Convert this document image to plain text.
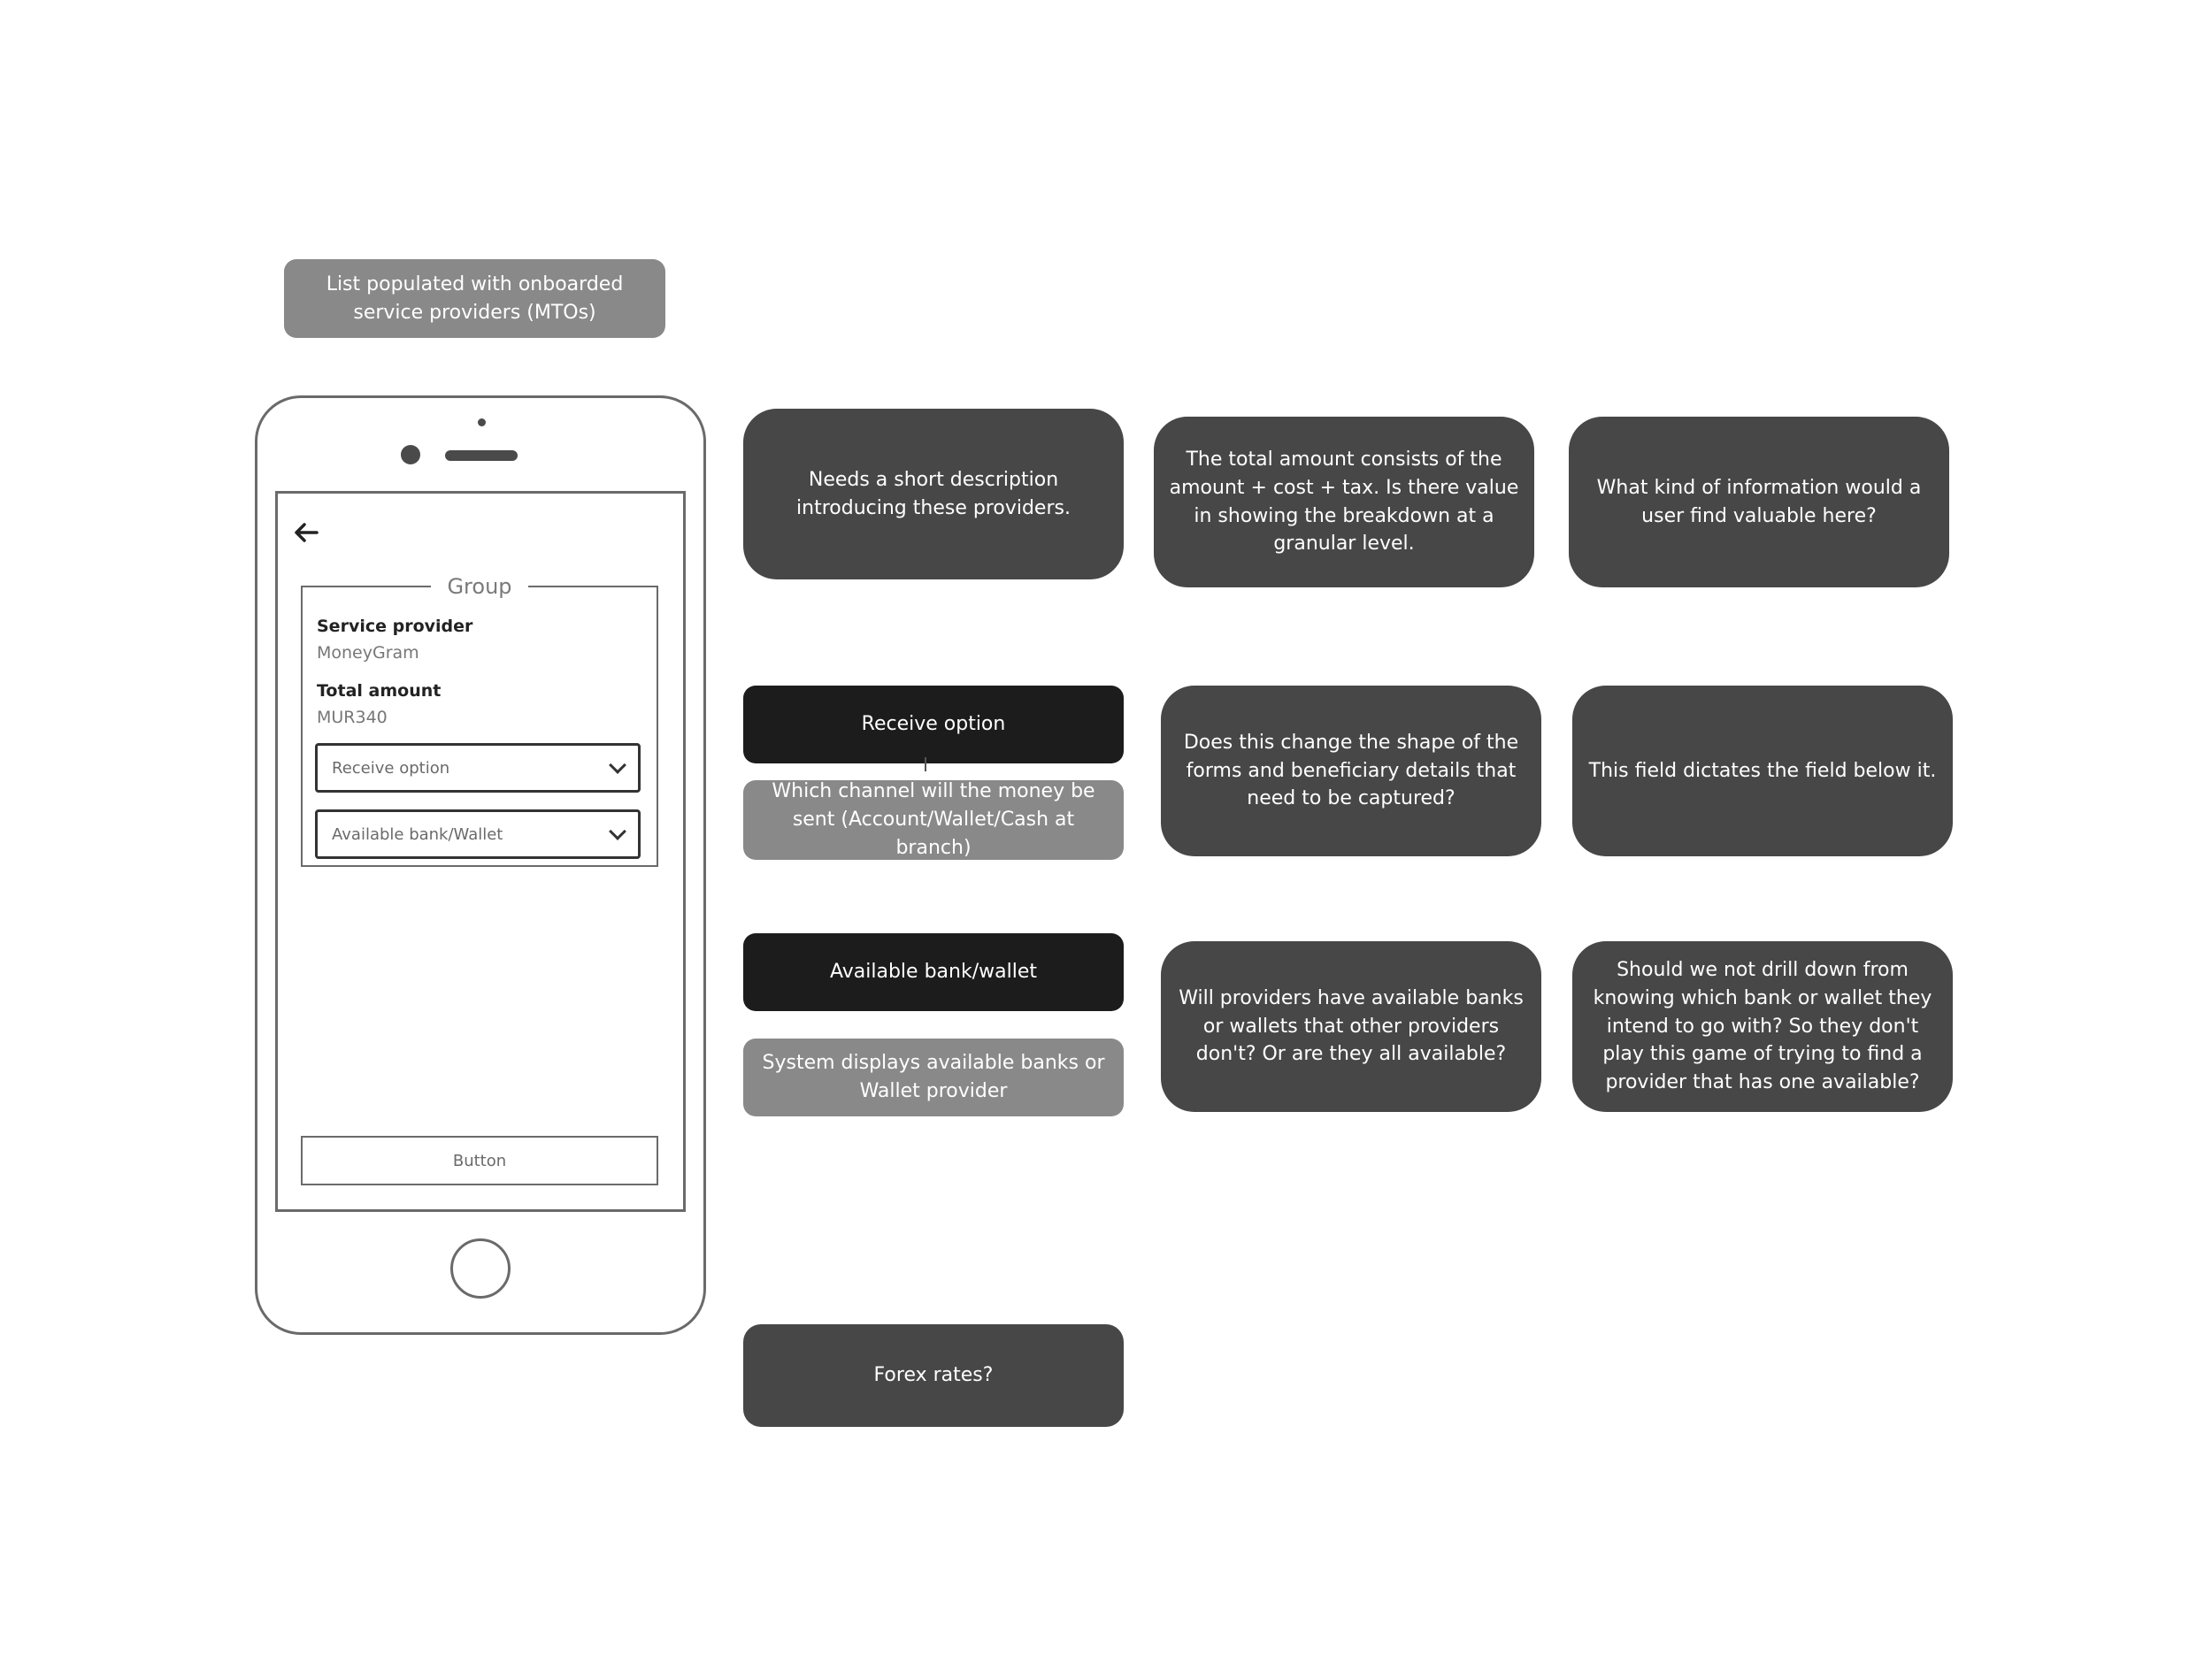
List populated with onboarded service providers (MTOs)
Group
Service provider
MoneyGram
Total amount
MUR340
Receive option
Available bank/Wallet
Button
Needs a short description introducing these providers.
Receive option
Which channel will the money be sent (Account/Wallet/Cash at branch)
Available bank/wallet
System displays available banks or Wallet provider
Forex rates?
The total amount consists of the amount + cost + tax. Is there value in showing the breakdown at a granular level.
Does this change the shape of the forms and beneficiary details that need to be captured?
Will providers have available banks or wallets that other providers don't? Or are they all available?
What kind of information would a user find valuable here?
This field dictates the field below it.
Should we not drill down from knowing which bank or wallet they intend to go with? So they don't play this game of trying to find a provider that has one available?
